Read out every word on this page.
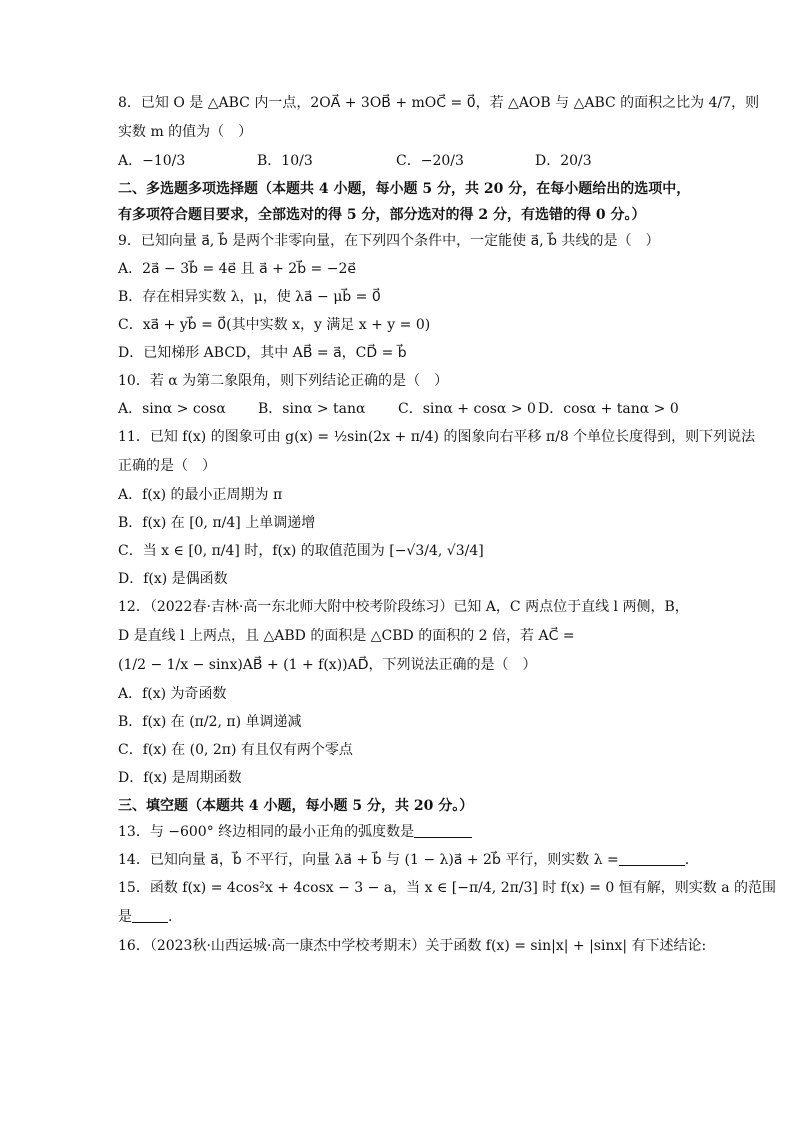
8．已知 O 是 △ABC 内一点，2OA⃗ + 3OB⃗ + mOC⃗ = 0⃗，若 △AOB 与 △ABC 的面积之比为 4/7，则
实数 m 的值为（　）
A．−10/3	B．10/3	C．−20/3	D．20/3
二、多选题多项选择题（本题共 4 小题，每小题 5 分，共 20 分，在每小题给出的选项中，
有多项符合题目要求，全部选对的得 5 分，部分选对的得 2 分，有选错的得 0 分。）
9．已知向量 a⃗, b⃗ 是两个非零向量，在下列四个条件中，一定能使 a⃗, b⃗ 共线的是（　）
A．2a⃗ − 3b⃗ = 4e⃗ 且 a⃗ + 2b⃗ = −2e⃗
B．存在相异实数 λ，μ，使 λa⃗ − μb⃗ = 0⃗
C．xa⃗ + yb⃗ = 0⃗(其中实数 x，y 满足 x + y = 0)
D．已知梯形 ABCD，其中 AB⃗ = a⃗，CD⃗ = b⃗
10．若 α 为第二象限角，则下列结论正确的是（　）
A．sinα > cosα	B．sinα > tanα	C．sinα + cosα > 0 D．cosα + tanα > 0
11．已知 f(x) 的图象可由 g(x) = ½sin(2x + π/4) 的图象向右平移 π/8 个单位长度得到，则下列说法
正确的是（　）
A．f(x) 的最小正周期为 π
B．f(x) 在 [0, π/4] 上单调递增
C．当 x ∈ [0, π/4] 时，f(x) 的取值范围为 [−√3/4, √3/4]
D．f(x) 是偶函数
12．（2022春·吉林·高一东北师大附中校考阶段练习）已知 A，C 两点位于直线 l 两侧，B，
D 是直线 l 上两点，且 △ABD 的面积是 △CBD 的面积的 2 倍，若 AC⃗ =
(1/2 − 1/x − sinx)AB⃗ + (1 + f(x))AD⃗，下列说法正确的是（　）
A．f(x) 为奇函数
B．f(x) 在 (π/2, π) 单调递减
C．f(x) 在 (0, 2π) 有且仅有两个零点
D．f(x) 是周期函数
三、填空题（本题共 4 小题，每小题 5 分，共 20 分。）
13．与 −600° 终边相同的最小正角的弧度数是
14．已知向量 a⃗，b⃗ 不平行，向量 λa⃗ + b⃗ 与 (1 − λ)a⃗ + 2b⃗ 平行，则实数 λ =	.
15．函数 f(x) = 4cos²x + 4cosx − 3 − a，当 x ∈ [−π/4, 2π/3] 时 f(x) = 0 恒有解，则实数 a 的范围
是	.
16．（2023秋·山西运城·高一康杰中学校考期末）关于函数 f(x) = sin|x| + |sinx| 有下述结论:
